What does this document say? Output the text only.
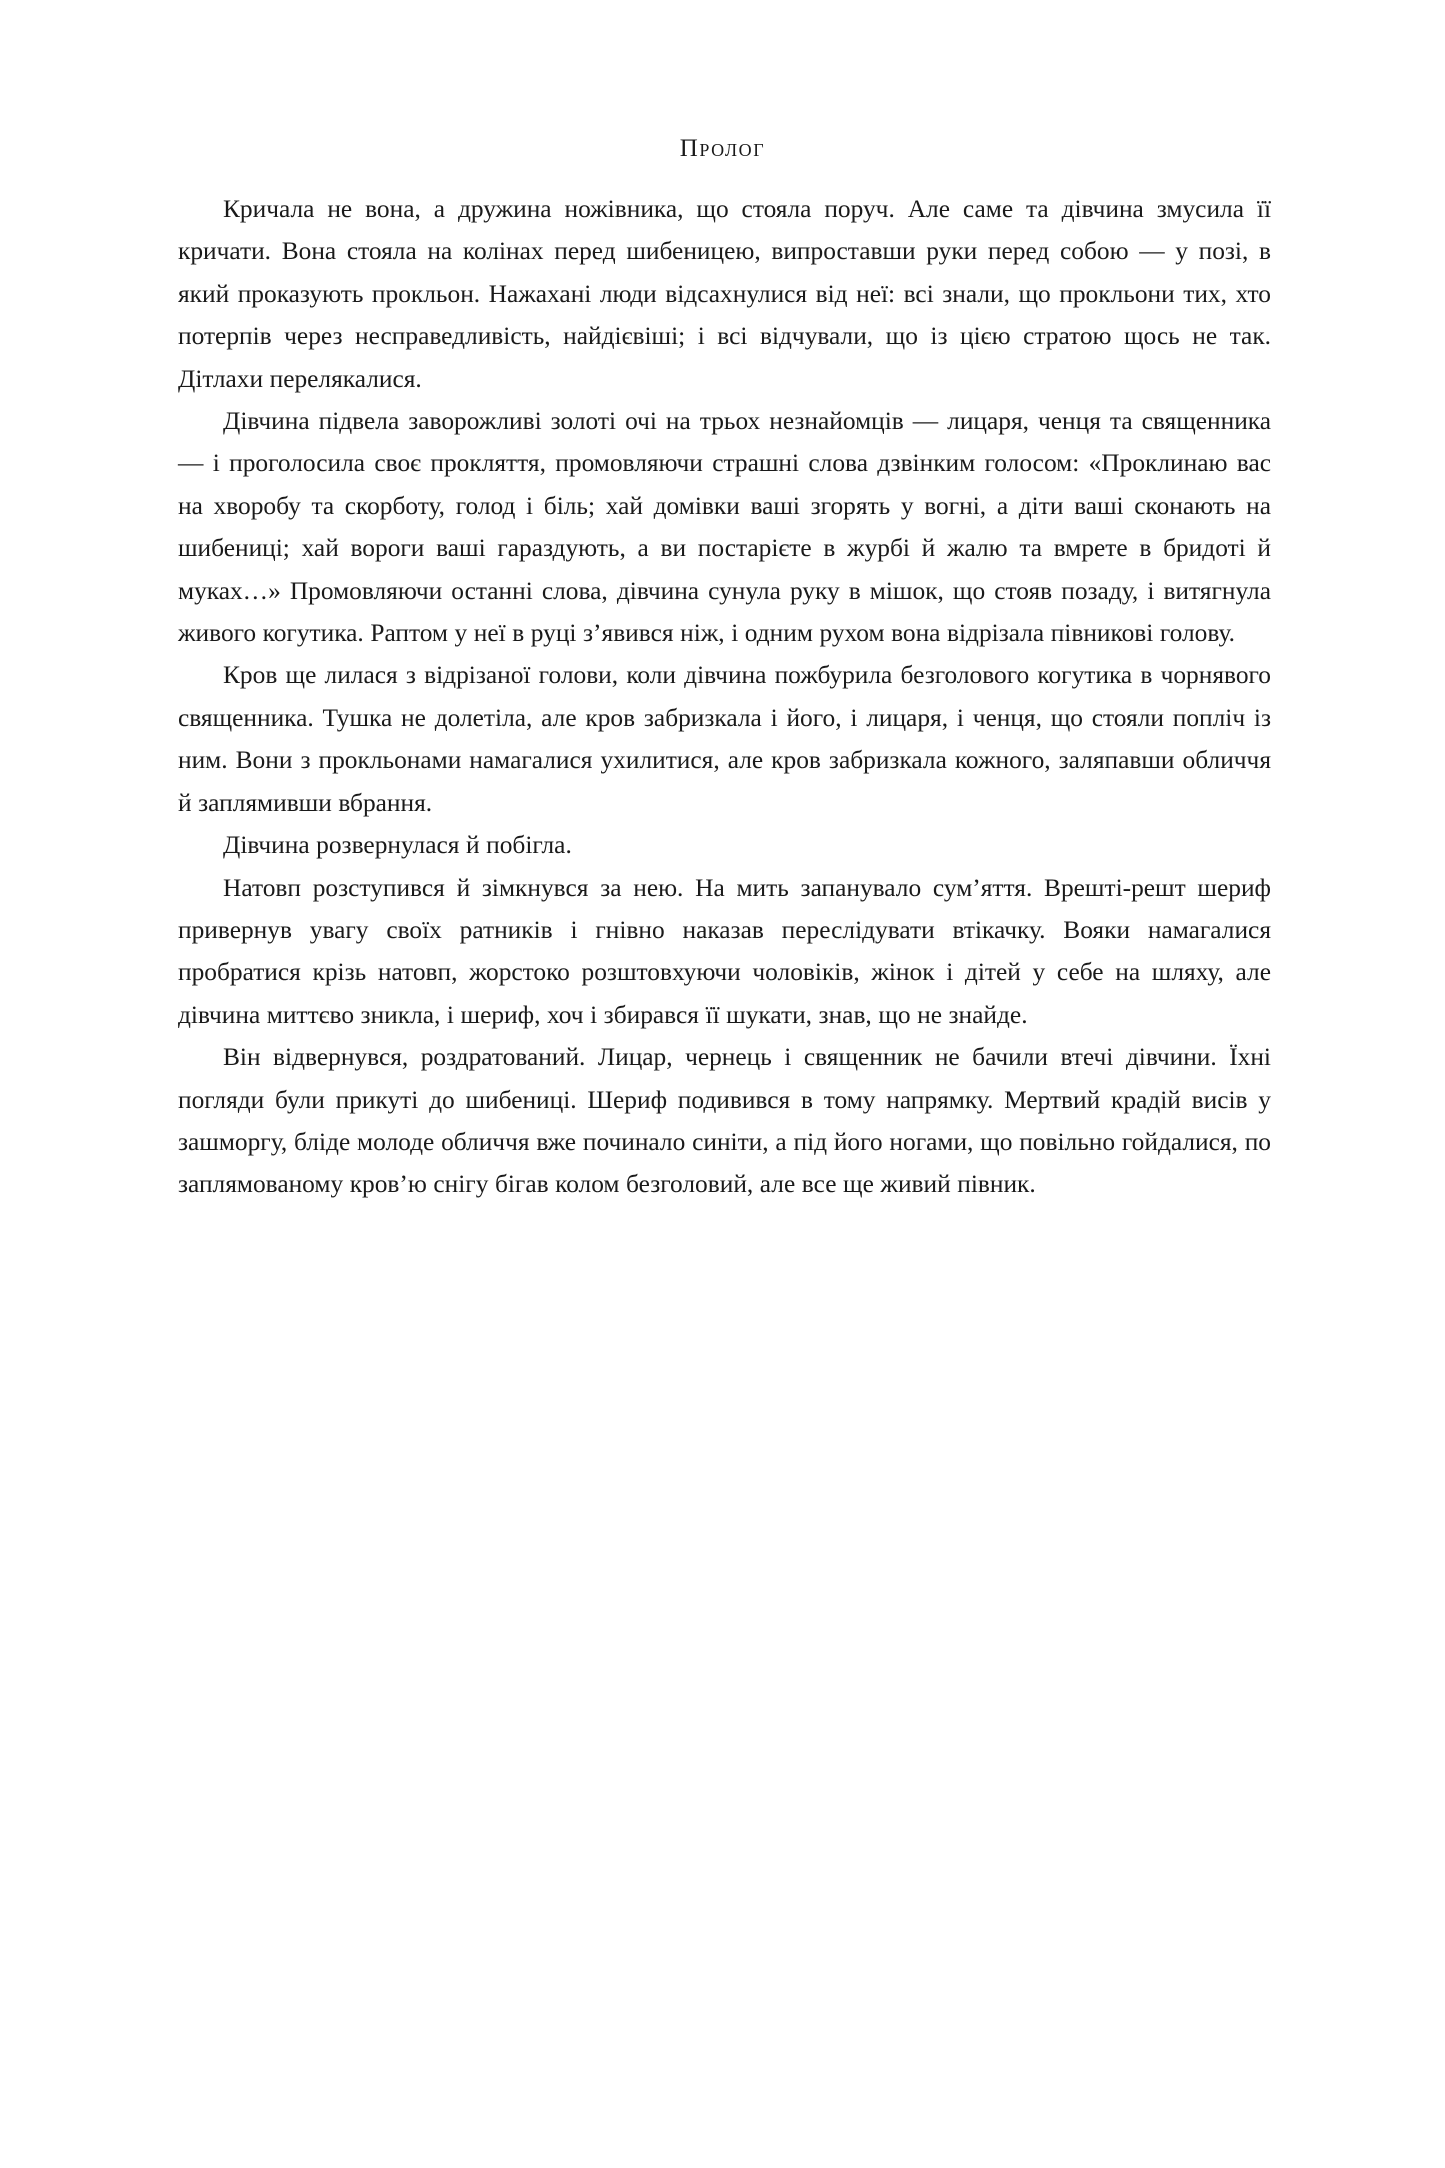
Пролог

Кричала не вона, а дружина ножівника, що стояла поруч. Але саме та дівчина змусила її кричати. Вона стояла на колінах перед шибеницею, випроставши руки перед собою — у позі, в який проказують прокльон. Нажахані люди відсахнулися від неї: всі знали, що прокльони тих, хто потерпів через несправедливість, найдієвіші; і всі відчували, що із цією стратою щось не так. Дітлахи перелякалися.

Дівчина підвела заворожливі золоті очі на трьох незнайомців — лицаря, ченця та священника — і проголосила своє прокляття, промовляючи страшні слова дзвінким голосом: «Проклинаю вас на хворобу та скорботу, голод і біль; хай домівки ваші згорять у вогні, а діти ваші сконають на шибениці; хай вороги ваші гараздують, а ви постарієте в журбі й жалю та вмрете в бридоті й муках…» Промовляючи останні слова, дівчина сунула руку в мішок, що стояв позаду, і витягнула живого когутика. Раптом у неї в руці з’явився ніж, і одним рухом вона відрізала півникові голову.

Кров ще лилася з відрізаної голови, коли дівчина пожбурила безголового когутика в чорнявого священника. Тушка не долетіла, але кров забризкала і його, і лицаря, і ченця, що стояли попліч із ним. Вони з прокльонами намагалися ухилитися, але кров забризкала кожного, заляпавши обличчя й заплямивши вбрання.

Дівчина розвернулася й побігла.

Натовп розступився й зімкнувся за нею. На мить запанувало сум’яття. Врешті-решт шериф привернув увагу своїх ратників і гнівно наказав переслідувати втікачку. Вояки намагалися пробратися крізь натовп, жорстоко розштовхуючи чоловіків, жінок і дітей у себе на шляху, але дівчина миттєво зникла, і шериф, хоч і збирався її шукати, знав, що не знайде.

Він відвернувся, роздратований. Лицар, чернець і священник не бачили втечі дівчини. Їхні погляди були прикуті до шибениці. Шериф подивився в тому напрямку. Мертвий крадій висів у зашморгу, бліде молоде обличчя вже починало синіти, а під його ногами, що повільно гойдалися, по заплямованому кров’ю снігу бігав колом безголовий, але все ще живий півник.
